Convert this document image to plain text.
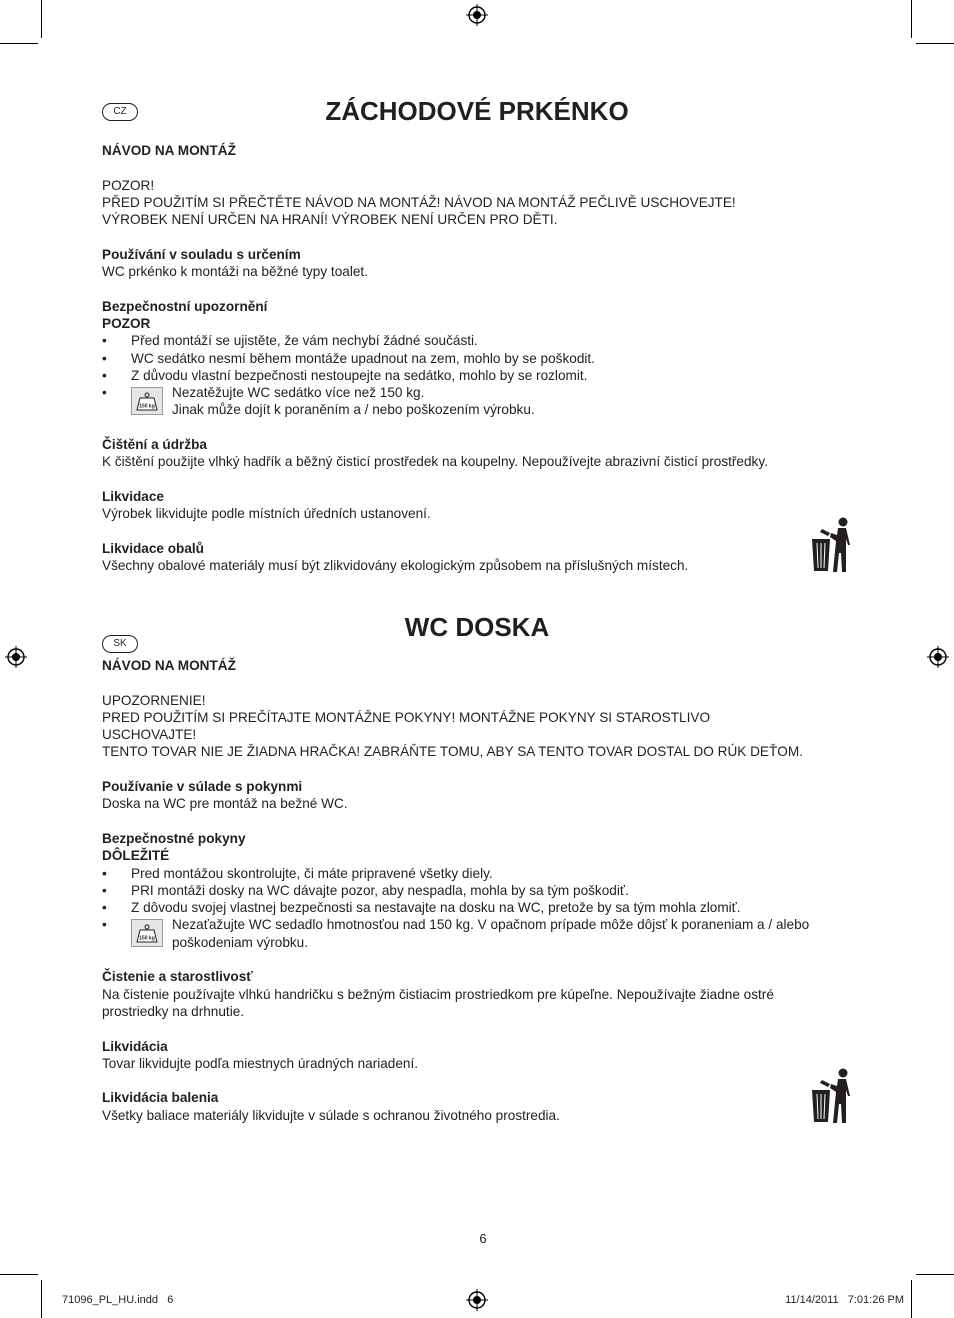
CZ	ZÁCHODOVÉ PRKÉNKO

NÁVOD NA MONTÁŽ

POZOR!

PŘED POUŽITÍM SI PŘEČTĚTE NÁVOD NA MONTÁŽ! NÁVOD NA MONTÁŽ PEČLIVĚ USCHOVEJTE!

VÝROBEK NENÍ URČEN NA HRANÍ! VÝROBEK NENÍ URČEN PRO DĚTI.

Používání v souladu s určením

WC prkénko k montáži na běžné typy toalet.

Bezpečnostní upozornění

POZOR

• Před montáží se ujistěte, že vám nechybí žádné součásti.
• WC sedátko nesmí během montáže upadnout na zem, mohlo by se poškodit.
• Z důvodu vlastní bezpečnosti nestoupejte na sedátko, mohlo by se rozlomit.
•
150 kg

Nezatěžujte WC sedátko více než 150 kg.

Jinak může dojít k poraněním a / nebo poškozením výrobku.

Čištění a údržba

K čištění použijte vlhký hadřík a běžný čisticí prostředek na koupelny. Nepoužívejte abrazivní čisticí prostředky.

Likvidace

Výrobek likvidujte podle místních úředních ustanovení.

Likvidace obalů

Všechny obalové materiály musí být zlikvidovány ekologickým způsobem na příslušných místech.

WC DOSKA
SK

NÁVOD NA MONTÁŽ

UPOZORNENIE!

PRED POUŽITÍM SI PREČÍTAJTE MONTÁŽNE POKYNY! MONTÁŽNE POKYNY SI STAROSTLIVO

USCHOVAJTE!

TENTO TOVAR NIE JE ŽIADNA HRAČKA! ZABRÁŇTE TOMU, ABY SA TENTO TOVAR DOSTAL DO RÚK DEŤOM.

Používanie v súlade s pokynmi

Doska na WC pre montáž na bežné WC.

Bezpečnostné pokyny

DÔLEŽITÉ

• Pred montážou skontrolujte, či máte pripravené všetky diely.
• PRI montáži dosky na WC dávajte pozor, aby nespadla, mohla by sa tým poškodiť.
• Z dôvodu svojej vlastnej bezpečnosti sa nestavajte na dosku na WC, pretože by sa tým mohla zlomiť.
•
150 kg

Nezaťažujte WC sedadlo hmotnosťou nad 150 kg. V opačnom prípade môže dôjsť k poraneniam a / alebo

poškodeniam výrobku.

Čistenie a starostlivosť

Na čistenie používajte vlhkú handričku s bežným čistiacim prostriedkom pre kúpeľne. Nepoužívajte žiadne ostré prostriedky na drhnutie.

Likvidácia

Tovar likvidujte podľa miestnych úradných nariadení.

Likvidácia balenia

Všetky baliace materiály likvidujte v súlade s ochranou životného prostredia.

6
71096_PL_HU.indd   6	11/14/2011   7:01:26 PM
